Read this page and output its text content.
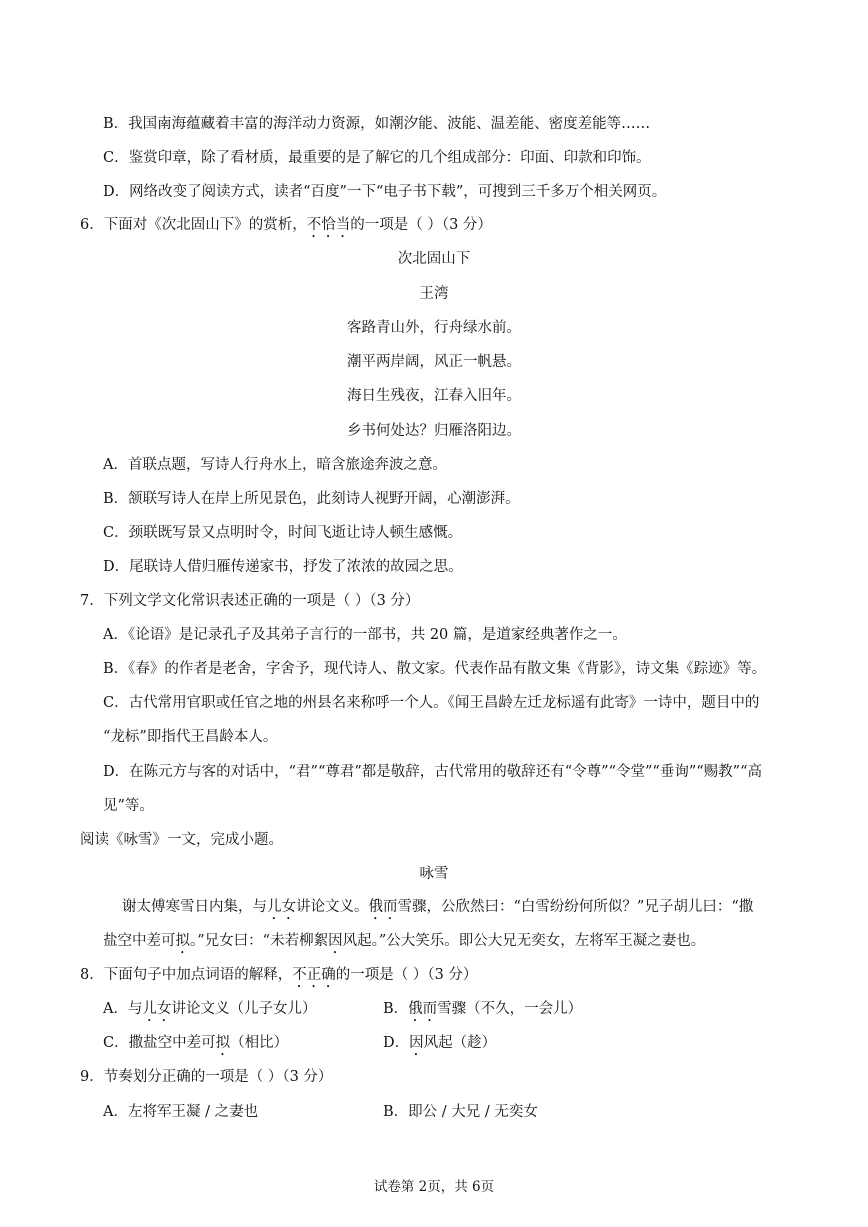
B．我国南海蕴藏着丰富的海洋动力资源，如潮汐能、波能、温差能、密度差能等……
C．鉴赏印章，除了看材质，最重要的是了解它的几个组成部分：印面、印款和印饰。
D．网络改变了阅读方式，读者“百度”一下“电子书下载”，可搜到三千多万个相关网页。
6．下面对《次北固山下》的赏析，不恰当的一项是（ ）（3 分）
次北固山下
王湾
客路青山外，行舟绿水前。
潮平两岸阔，风正一帆悬。
海日生残夜，江春入旧年。
乡书何处达？归雁洛阳边。
A．首联点题，写诗人行舟水上，暗含旅途奔波之意。
B．颔联写诗人在岸上所见景色，此刻诗人视野开阔，心潮澎湃。
C．颈联既写景又点明时令，时间飞逝让诗人顿生感慨。
D．尾联诗人借归雁传递家书，抒发了浓浓的故园之思。
7．下列文学文化常识表述正确的一项是（ ）（3 分）
A．《论语》是记录孔子及其弟子言行的一部书，共 20 篇，是道家经典著作之一。
B．《春》的作者是老舍，字舍予，现代诗人、散文家。代表作品有散文集《背影》，诗文集《踪迹》等。
C．古代常用官职或任官之地的州县名来称呼一个人。《闻王昌龄左迁龙标遥有此寄》一诗中，题目中的
“龙标”即指代王昌龄本人。
D．在陈元方与客的对话中，“君”“尊君”都是敬辞，古代常用的敬辞还有“令尊”“令堂”“垂询”“赐教”“高
见”等。
阅读《咏雪》一文，完成小题。
咏雪
谢太傅寒雪日内集，与儿女讲论文义。俄而雪骤，公欣然曰：“白雪纷纷何所似？”兄子胡儿曰：“撒
盐空中差可拟。”兄女曰：“未若柳絮因风起。”公大笑乐。即公大兄无奕女，左将军王凝之妻也。
8．下面句子中加点词语的解释，不正确的一项是（ ）（3 分）
A．与儿女讲论文义（儿子女儿）	B．俄而雪骤（不久，一会儿）
C．撒盐空中差可拟（相比）	D．因风起（趁）
9．节奏划分正确的一项是（ ）（3 分）
A．左将军王凝 / 之妻也	B．即公 / 大兄 / 无奕女
试卷第 2页，共 6页
